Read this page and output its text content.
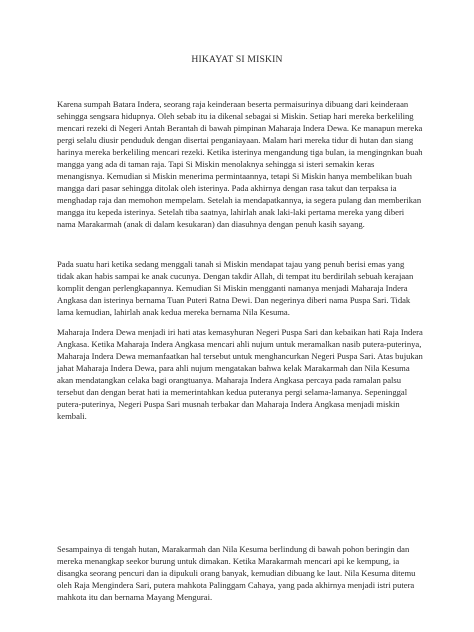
HIKAYAT SI MISKIN

Karena sumpah Batara Indera, seorang raja keinderaan beserta permaisurinya dibuang dari keinderaan sehingga sengsara hidupnya. Oleh sebab itu ia dikenal sebagai si Miskin. Setiap hari mereka berkeliling mencari rezeki di Negeri Antah Berantah di bawah pimpinan Maharaja Indera Dewa. Ke manapun mereka pergi selalu diusir penduduk dengan disertai penganiayaan. Malam hari mereka tidur di hutan dan siang harinya mereka berkeliling mencari rezeki. Ketika isterinya mengandung tiga bulan, ia mengingnkan buah mangga yang ada di taman raja. Tapi Si Miskin menolaknya sehingga si isteri semakin keras menangisnya. Kemudian si Miskin menerima permintaannya, tetapi Si Miskin hanya membelikan buah mangga dari pasar sehingga ditolak oleh isterinya. Pada akhirnya dengan rasa takut dan terpaksa ia menghadap raja dan memohon mempelam. Setelah ia mendapatkannya, ia segera pulang dan memberikan mangga itu kepeda isterinya. Setelah tiba saatnya, lahirlah anak laki-laki pertama mereka yang diberi nama Marakarmah (anak di dalam kesukaran) dan diasuhnya dengan penuh kasih sayang.

Pada suatu hari ketika sedang menggali tanah si Miskin mendapat tajau yang penuh berisi emas yang tidak akan habis sampai ke anak cucunya. Dengan takdir Allah, di tempat itu berdirilah sebuah kerajaan komplit dengan perlengkapannya. Kemudian Si Miskin mengganti namanya menjadi Maharaja Indera Angkasa dan isterinya bernama Tuan Puteri Ratna Dewi. Dan negerinya diberi nama Puspa Sari. Tidak lama kemudian, lahirlah anak kedua mereka bernama Nila Kesuma.

Maharaja Indera Dewa menjadi iri hati atas kemasyhuran Negeri Puspa Sari dan kebaikan hati Raja Indera Angkasa. Ketika Maharaja Indera Angkasa mencari ahli nujum untuk meramalkan nasib putera-puterinya, Maharaja Indera Dewa memanfaatkan hal tersebut untuk menghancurkan Negeri Puspa Sari. Atas bujukan jahat Maharaja Indera Dewa, para ahli nujum mengatakan bahwa kelak Marakarmah dan Nila Kesuma akan mendatangkan celaka bagi orangtuanya. Maharaja Indera Angkasa percaya pada ramalan palsu tersebut dan dengan berat hati ia memerintahkan kedua puteranya pergi selama-lamanya. Sepeninggal putera-puterinya, Negeri Puspa Sari musnah terbakar dan Maharaja Indera Angkasa menjadi miskin kembali.

Sesampainya di tengah hutan, Marakarmah dan Nila Kesuma berlindung di bawah pohon beringin dan mereka menangkap seekor burung untuk dimakan. Ketika Marakarmah mencari api ke kempung, ia disangka seorang pencuri dan ia dipukuli orang banyak, kemudian dibuang ke laut. Nila Kesuma ditemu oleh Raja Mengindera Sari, putera mahkota Palinggam Cahaya, yang pada akhirnya menjadi istri putera mahkota itu dan bernama Mayang Mengurai.
